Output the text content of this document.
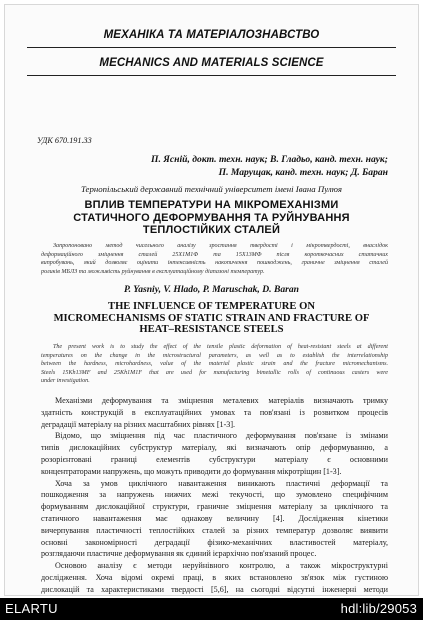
МЕХАНІКА ТА МАТЕРІАЛОЗНАВСТВО
MECHANICS AND MATERIALS SCIENCE
УДК 670.191.33
П. Ясній, докт. техн. наук; В. Гладьо, канд. техн. наук;
П. Марущак, канд. техн. наук; Д. Баран
Тернопільський державний технічний університет імені Івана Пулюя
ВПЛИВ ТЕМПЕРАТУРИ НА МІКРОМЕХАНІЗМИ
СТАТИЧНОГО ДЕФОРМУВАННЯ ТА РУЙНУВАННЯ
ТЕПЛОСТІЙКИХ СТАЛЕЙ
Запропоновано метод чисельного аналізу зростання твердості і мікротвердості, внаслідок
деформаційного зміцнення сталей 25Х1М1Ф та 15Х13МФ після короткочасних статичних
випробувань, який дозволяє оцінити інтенсивність накопичення пошкоджень, граничне зміцнення сталей
роликів МБЛЗ та можливість руйнування в експлуатаційному діапазоні температур.
P. Yasniy, V. Hlado, P. Maruschak, D. Baran
THE INFLUENCE OF TEMPERATURE ON
MICROMECHANISMS OF STATIC STRAIN AND FRACTURE OF
HEAT–RESISTANCE STEELS
The present work is to study the effect of the tensile plastic deformation of heat-resistant steels at different
temperatures on the change in the microstructural parameters, as well as to establish the interrelationship
between the hardness, microhardness, value of the material plastic strain and the fracture micromechanisms.
Steels 15Kh13MF and 25Kh1M1F that are used for manufacturing bimetallic rolls of continuous casters were
under investigation.
Механізми деформування та зміцнення металевих матеріалів визначають тримку
здатність конструкцій в експлуатаційних умовах та пов'язані із розвитком процесів
деградації матеріалу на різних масштабних рівнях [1-3].
Відомо, що зміцнення під час пластичного деформування пов'язане із змінами
типів дислокаційних субструктур матеріалу, які визначають опір деформуванню, а
розорієнтовані границі елементів субструктури матеріалу є основними
концентраторами напружень, що можуть приводити до формування мікротріщин [1-3].
Хоча за умов циклічного навантаження виникають пластичні деформації та
пошкодження за напружень нижчих межі текучості, що зумовлено специфічним
формуванням дислокаційної структури, граничне зміцнення матеріалу за циклічного та
статичного навантаження має однакову величину [4]. Дослідження кінетики
вичерпування пластичності теплостійких сталей за різних температур дозволяє виявити
основні закономірності деградації фізико-механічних властивостей матеріалу,
розглядаючи пластичне деформування як єдиний ієрархічно пов'язаний процес.
Основою аналізу є методи неруйнівного контролю, а також мікроструктурні
дослідження. Хоча відомі окремі праці, в яких встановлено зв'язок між густиною
дислокацій та характеристиками твердості [5,6], на сьогодні відсутні інженерні методи
ELARTU	hdl:lib/29053
